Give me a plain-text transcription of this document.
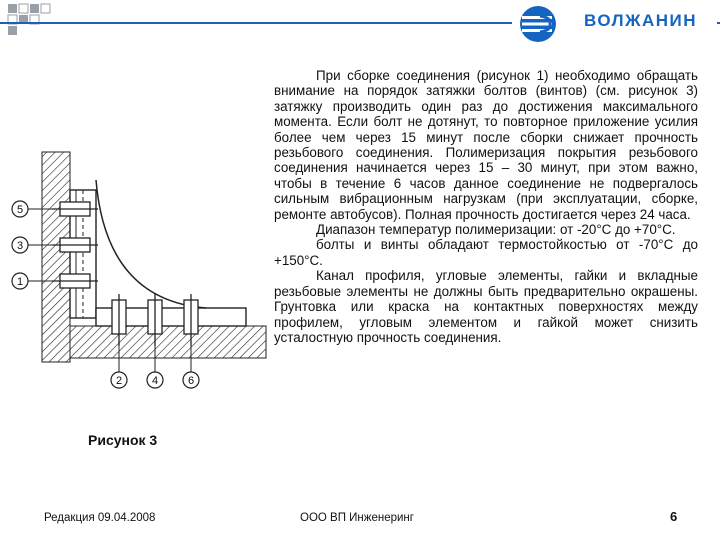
ВОЛЖАНИН
5
3
1
2	4	6
Рисунок 3

При сборке соединения (рисунок 1) необходимо обращать внимание на порядок затяжки болтов (винтов) (см. рисунок 3) затяжку производить один раз до достижения максимального момента. Если болт не дотянут, то повторное приложение усилия более чем через 15 минут после сборки снижает прочность резьбового соединения. Полимеризация покрытия резьбового соединения начинается через 15 – 30 минут, при этом важно, чтобы в течение 6 часов данное соединение не подвергалось сильным вибрационным нагрузкам (при эксплуатации, сборке, ремонте автобусов). Полная прочность достигается через 24 часа.

Диапазон температур полимеризации: от -20°С до +70°С.

болты и винты обладают термостойкостью от -70°С до +150°С.

Канал профиля, угловые элементы, гайки и вкладные резьбовые элементы не должны быть предварительно окрашены. Грунтовка или краска на контактных поверхностях между профилем, угловым элементом и гайкой может снизить усталостную прочность соединения.

Редакция 09.04.2008	ООО ВП Инженеринг	6
